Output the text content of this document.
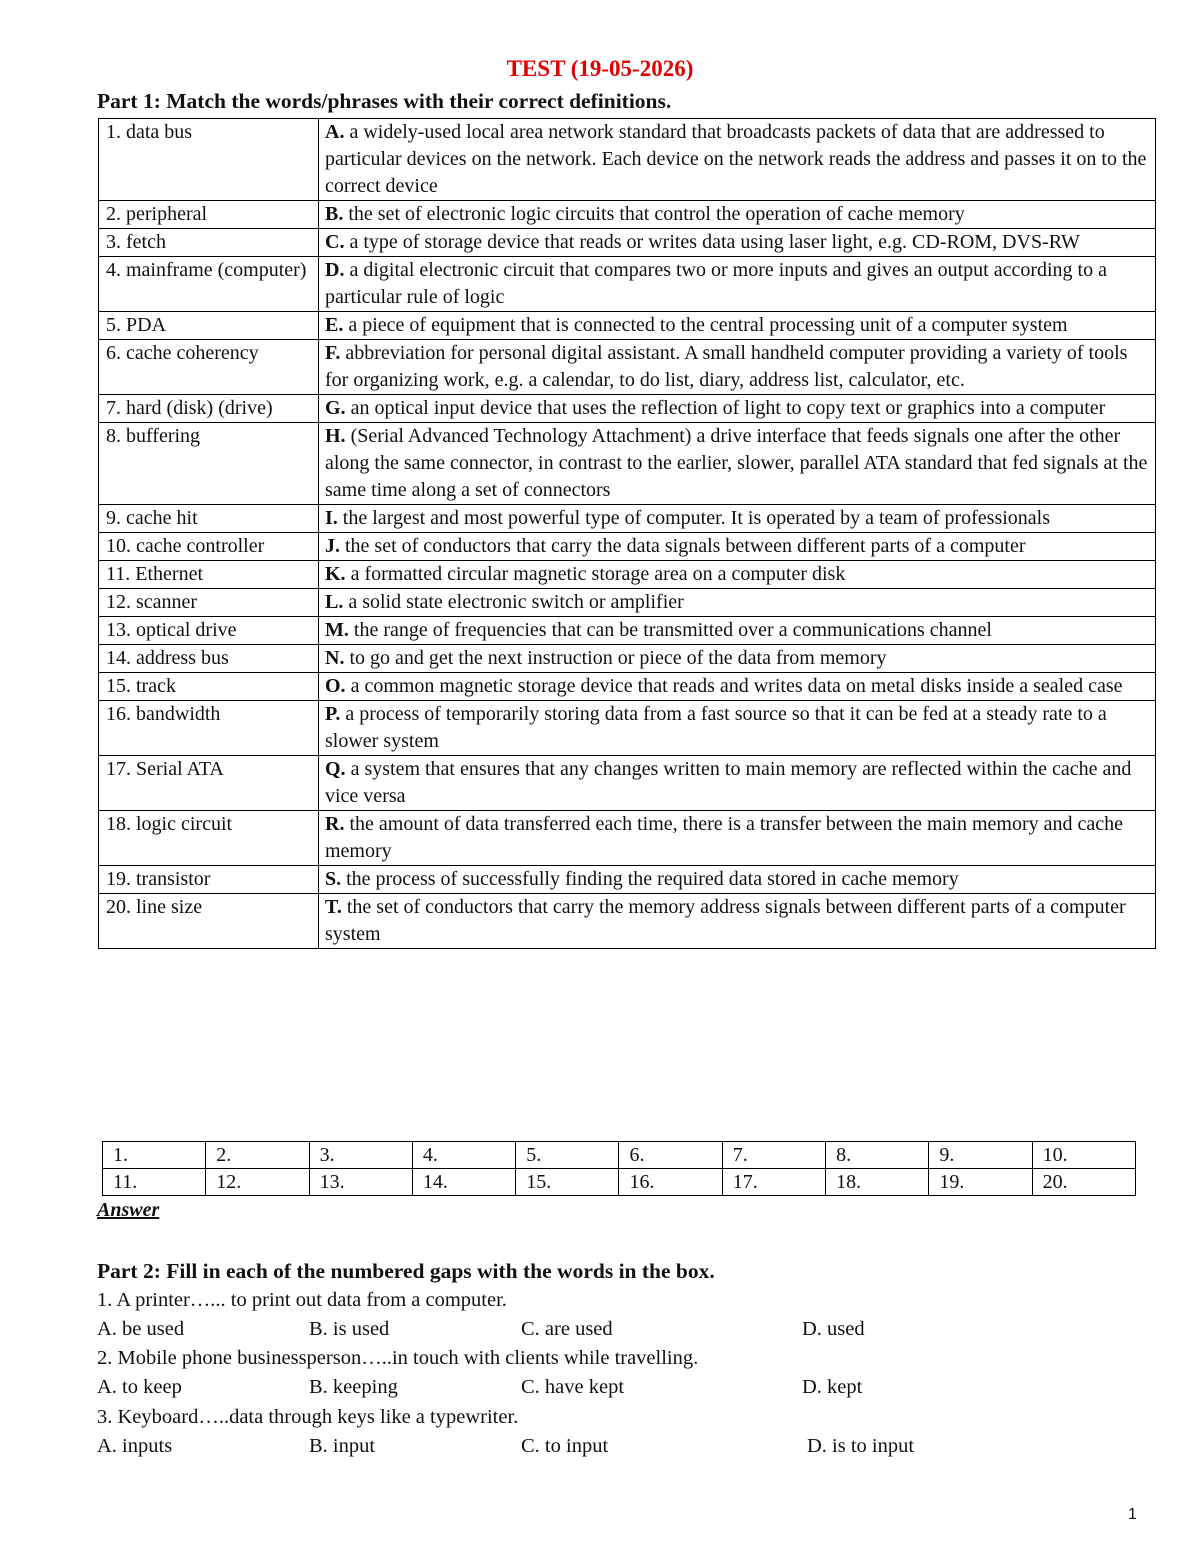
TEST (19-05-2026)
Part 1: Match the words/phrases with their correct definitions.
1. data bus	A. a widely-used local area network standard that broadcasts packets of data that are addressed to particular devices on the network. Each device on the network reads the address and passes it on to the correct device
2. peripheral	B. the set of electronic logic circuits that control the operation of cache memory
3. fetch	C. a type of storage device that reads or writes data using laser light, e.g. CD-ROM, DVS-RW
4. mainframe (computer)	D. a digital electronic circuit that compares two or more inputs and gives an output according to a particular rule of logic
5. PDA	E. a piece of equipment that is connected to the central processing unit of a computer system
6. cache coherency	F. abbreviation for personal digital assistant. A small handheld computer providing a variety of tools for organizing work, e.g. a calendar, to do list, diary, address list, calculator, etc.
7. hard (disk) (drive)	G. an optical input device that uses the reflection of light to copy text or graphics into a computer
8. buffering	H. (Serial Advanced Technology Attachment) a drive interface that feeds signals one after the other along the same connector, in contrast to the earlier, slower, parallel ATA standard that fed signals at the same time along a set of connectors
9. cache hit	I. the largest and most powerful type of computer. It is operated by a team of professionals
10. cache controller	J. the set of conductors that carry the data signals between different parts of a computer
11. Ethernet	K. a formatted circular magnetic storage area on a computer disk
12. scanner	L. a solid state electronic switch or amplifier
13. optical drive	M. the range of frequencies that can be transmitted over a communications channel
14. address bus	N. to go and get the next instruction or piece of the data from memory
15. track	O. a common magnetic storage device that reads and writes data on metal disks inside a sealed case
16. bandwidth	P. a process of temporarily storing data from a fast source so that it can be fed at a steady rate to a slower system
17. Serial ATA	Q. a system that ensures that any changes written to main memory are reflected within the cache and vice versa
18. logic circuit	R. the amount of data transferred each time, there is a transfer between the main memory and cache memory
19. transistor	S. the process of successfully finding the required data stored in cache memory
20. line size	T. the set of conductors that carry the memory address signals between different parts of a computer system
1.	2.	3.	4.	5.	6.	7.	8.	9.	10.
11.	12.	13.	14.	15.	16.	17.	18.	19.	20.
Answer
Part 2: Fill in each of the numbered gaps with the words in the box.
1. A printer…... to print out data from a computer.
A. be used	B. is used	C. are used	D. used
2. Mobile phone businessperson…..in touch with clients while travelling.
A. to keep	B. keeping	C. have kept	D. kept
3. Keyboard…..data through keys like a typewriter.
A. inputs	B. input	C. to input	D. is to input
1
